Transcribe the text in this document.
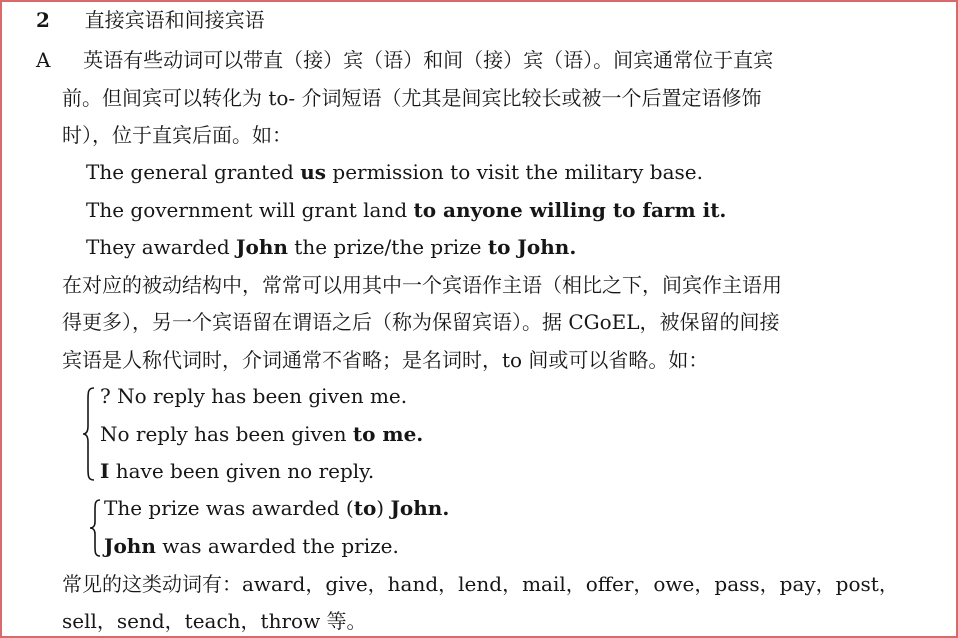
2 直接宾语和间接宾语
A 英语有些动词可以带直（接）宾（语）和间（接）宾（语）。间宾通常位于直宾
前。但间宾可以转化为 to- 介词短语（尤其是间宾比较长或被一个后置定语修饰
时），位于直宾后面。如：
The general granted us permission to visit the military base.
The government will grant land to anyone willing to farm it.
They awarded John the prize/the prize to John.
在对应的被动结构中，常常可以用其中一个宾语作主语（相比之下，间宾作主语用
得更多），另一个宾语留在谓语之后（称为保留宾语）。据 CGoEL，被保留的间接
宾语是人称代词时，介词通常不省略；是名词时，to 间或可以省略。如：
? No reply has been given me.
No reply has been given to me.
I have been given no reply.
The prize was awarded (to) John.
John was awarded the prize.
常见的这类动词有：award，give，hand，lend，mail，offer，owe，pass，pay，post，
sell，send，teach，throw 等。
